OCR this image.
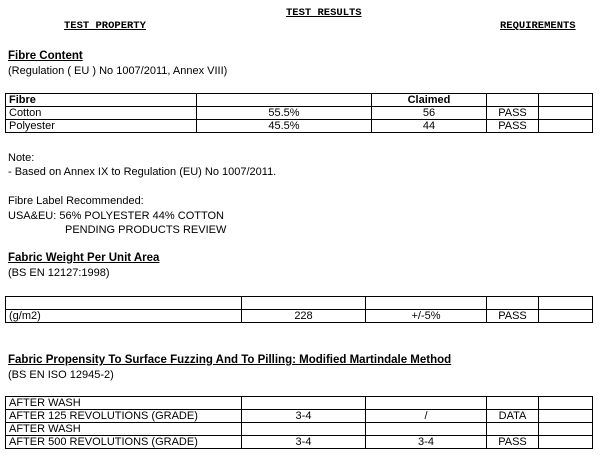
TEST RESULTS
TEST PROPERTY	REQUIREMENTS
Fibre Content
(Regulation ( EU ) No 1007/2011, Annex VIII)
Fibre		Claimed		
Cotton	55.5%	56	PASS	
Polyester	45.5%	44	PASS	
Note:
- Based on Annex IX to Regulation (EU) No 1007/2011.
Fibre Label Recommended:
USA&EU: 56% POLYESTER 44% COTTON
PENDING PRODUCTS REVIEW
Fabric Weight Per Unit Area
(BS EN 12127:1998)

(g/m2)	228	+/-5%	PASS	
Fabric Propensity To Surface Fuzzing And To Pilling: Modified Martindale Method
(BS EN ISO 12945-2)
AFTER WASH				
AFTER 125 REVOLUTIONS (GRADE)	3-4	/	DATA	
AFTER WASH				
AFTER 500 REVOLUTIONS (GRADE)	3-4	3-4	PASS	
